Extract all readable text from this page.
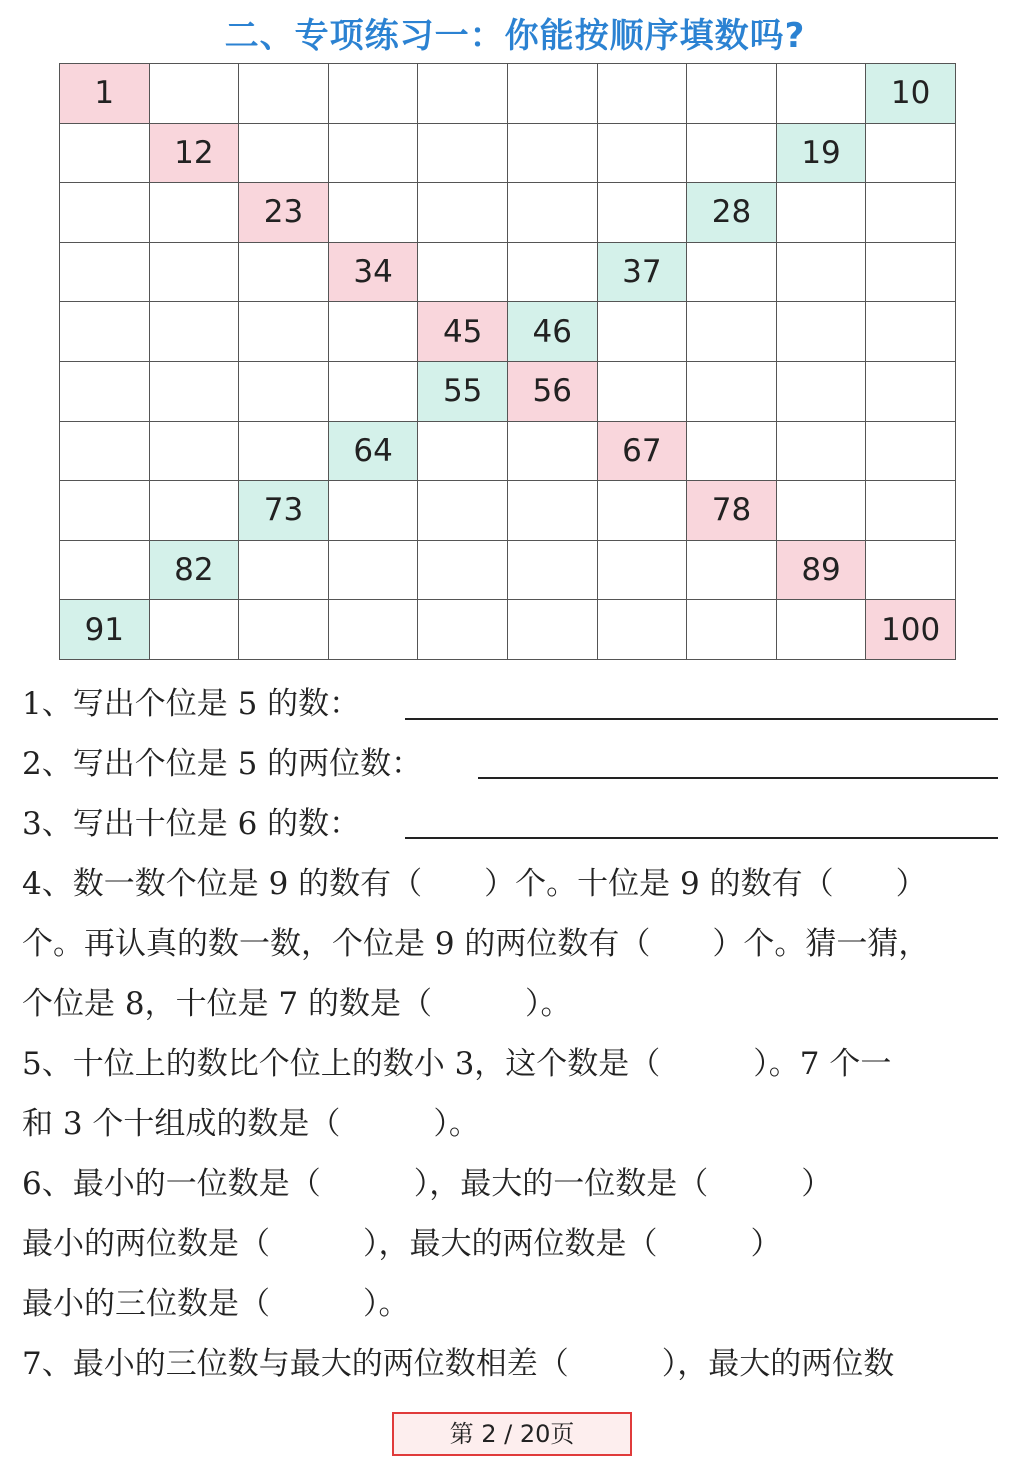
二、专项练习一：你能按顺序填数吗?
1									10
	12							19	
		23					28		
			34			37			
				45	46				
				55	56				
			64			67			
		73					78		
	82							89	
91									100
1、写出个位是 5 的数：
2、写出个位是 5 的两位数：
3、写出十位是 6 的数：
4、数一数个位是 9 的数有（　　）个。十位是 9 的数有（　　）
个。再认真的数一数，个位是 9 的两位数有（　　）个。猜一猜，
个位是 8，十位是 7 的数是（　　　）。
5、十位上的数比个位上的数小 3，这个数是（　　　）。7 个一
和 3 个十组成的数是（　　　）。
6、最小的一位数是（　　　），最大的一位数是（　　　）
最小的两位数是（　　　），最大的两位数是（　　　）
最小的三位数是（　　　）。
7、最小的三位数与最大的两位数相差（　　　），最大的两位数
第 2 / 20页
